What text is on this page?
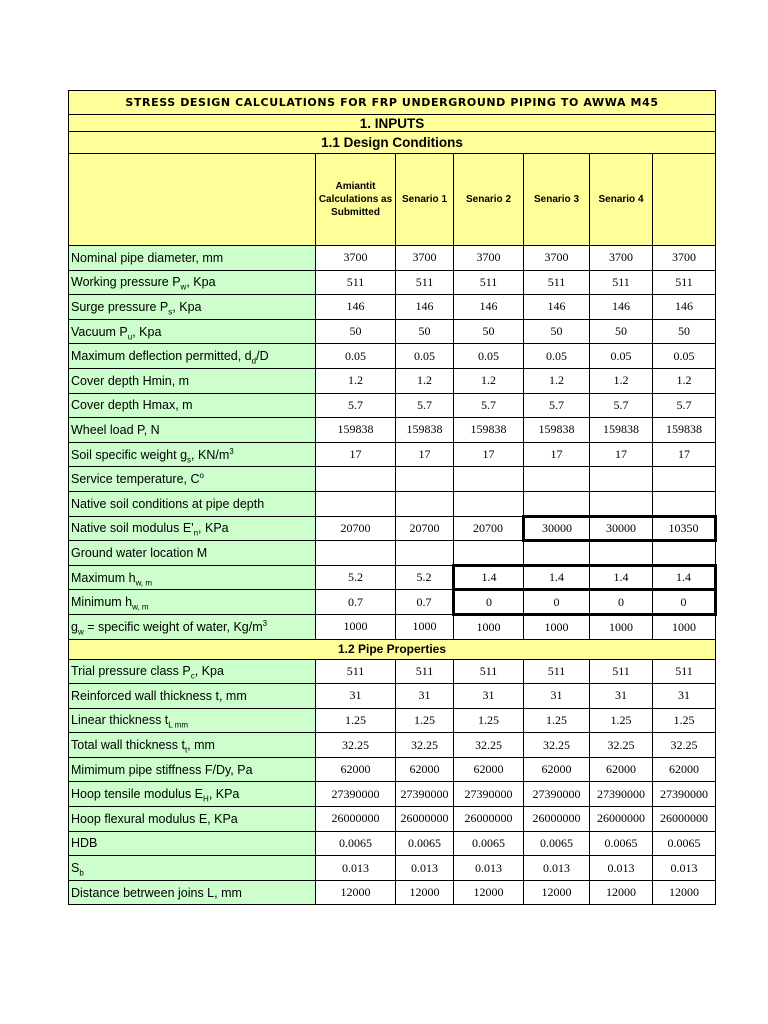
STRESS DESIGN CALCULATIONS FOR FRP UNDERGROUND PIPING TO AWWA M45						
1. INPUTS						
1.1 Design Conditions						
	Amiantit Calculations as Submitted	Senario 1	Senario 2	Senario 3	Senario 4	
Nominal pipe diameter, mm	3700	3700	3700	3700	3700	3700
Working pressure $P_w$, Kpa	511	511	511	511	511	511
Surge pressure $P_s$, Kpa	146	146	146	146	146	146
Vacuum $P_u$, Kpa	50	50	50	50	50	50
Maximum deflection permitted, $d_d/D$	0.05	0.05	0.05	0.05	0.05	0.05
Cover depth Hmin, m	1.2	1.2	1.2	1.2	1.2	1.2
Cover depth Hmax, m	5.7	5.7	5.7	5.7	5.7	5.7
Wheel load P, N	159838	159838	159838	159838	159838	159838
Soil specific weight $g_s$, $KN/m^3$	17	17	17	17	17	17
Service temperature, $C^o$						
Native soil conditions at pipe depth						
Native soil modulus $E'_n$, KPa	20700	20700	20700	30000	30000	10350
Ground water location M						
Maximum $h_{w, m}$	5.2	5.2	1.4	1.4	1.4	1.4
Minimum $h_{w, m}$	0.7	0.7	0	0	0	0
$g_w$ = specific weight of water, $Kg/m^3$	1000	1000	1000	1000	1000	1000
1.2 Pipe Properties						
Trial pressure class $P_c$, Kpa	511	511	511	511	511	511
Reinforced wall thickness t, mm	31	31	31	31	31	31
Linear thickness $t_{L mm}$	1.25	1.25	1.25	1.25	1.25	1.25
Total wall thickness $t_t$, mm	32.25	32.25	32.25	32.25	32.25	32.25
Mimimum pipe stiffness F/Dy, Pa	62000	62000	62000	62000	62000	62000
Hoop tensile modulus $E_H$, KPa	27390000	27390000	27390000	27390000	27390000	27390000
Hoop flexural modulus E, KPa	26000000	26000000	26000000	26000000	26000000	26000000
HDB	0.0065	0.0065	0.0065	0.0065	0.0065	0.0065
$S_b$	0.013	0.013	0.013	0.013	0.013	0.013
Distance betrween joins L, mm	12000	12000	12000	12000	12000	12000
